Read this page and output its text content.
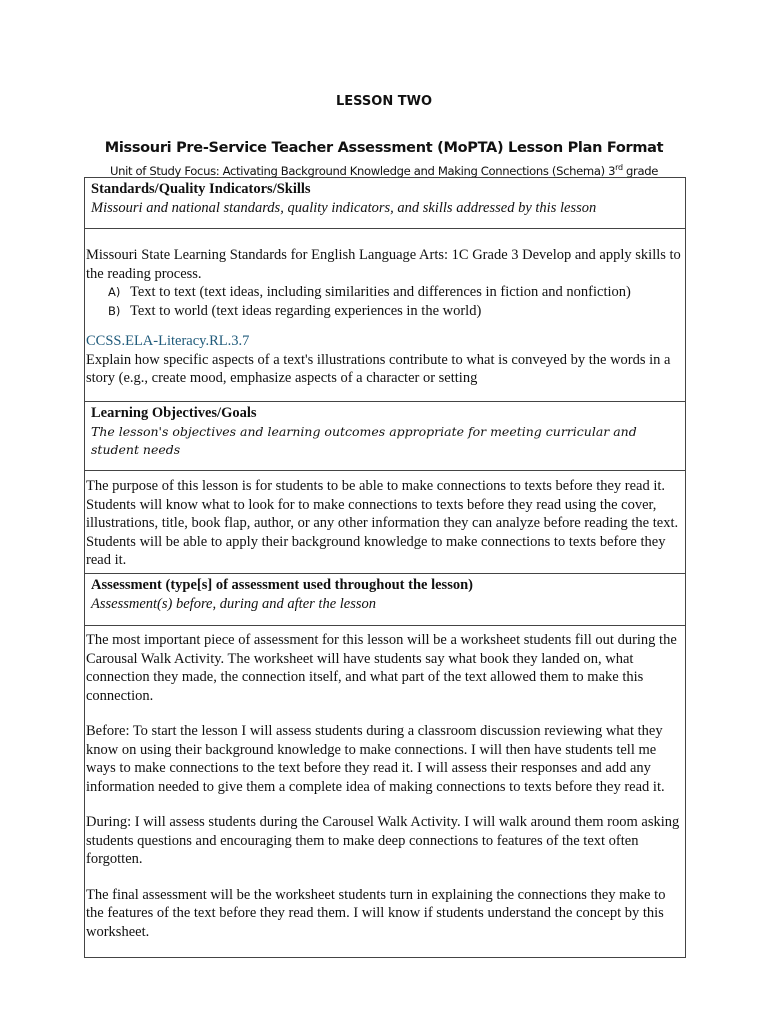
LESSON TWO
Missouri Pre-Service Teacher Assessment (MoPTA) Lesson Plan Format
Unit of Study Focus: Activating Background Knowledge and Making Connections (Schema) 3rd grade
Standards/Quality Indicators/Skills
Missouri and national standards, quality indicators, and skills addressed by this lesson

Missouri State Learning Standards for English Language Arts: 1C Grade 3 Develop and apply skills to the reading process.

A) Text to text (text ideas, including similarities and differences in fiction and nonfiction)
B) Text to world (text ideas regarding experiences in the world)

CCSS.ELA-Literacy.RL.3.7

Explain how specific aspects of a text's illustrations contribute to what is conveyed by the words in a story (e.g., create mood, emphasize aspects of a character or setting

Learning Objectives/Goals
The lesson's objectives and learning outcomes appropriate for meeting curricular and student needs

The purpose of this lesson is for students to be able to make connections to texts before they read it. Students will know what to look for to make connections to texts before they read using the cover, illustrations, title, book flap, author, or any other information they can analyze before reading the text. Students will be able to apply their background knowledge to make connections to texts before they read it.

Assessment (type[s] of assessment used throughout the lesson)
Assessment(s) before, during and after the lesson

The most important piece of assessment for this lesson will be a worksheet students fill out during the Carousal Walk Activity. The worksheet will have students say what book they landed on, what connection they made, the connection itself, and what part of the text allowed them to make this connection.

Before: To start the lesson I will assess students during a classroom discussion reviewing what they know on using their background knowledge to make connections. I will then have students tell me ways to make connections to the text before they read it. I will assess their responses and add any information needed to give them a complete idea of making connections to texts before they read it.

During: I will assess students during the Carousel Walk Activity. I will walk around them room asking students questions and encouraging them to make deep connections to features of the text often forgotten.

The final assessment will be the worksheet students turn in explaining the connections they make to the features of the text before they read them. I will know if students understand the concept by this worksheet.
